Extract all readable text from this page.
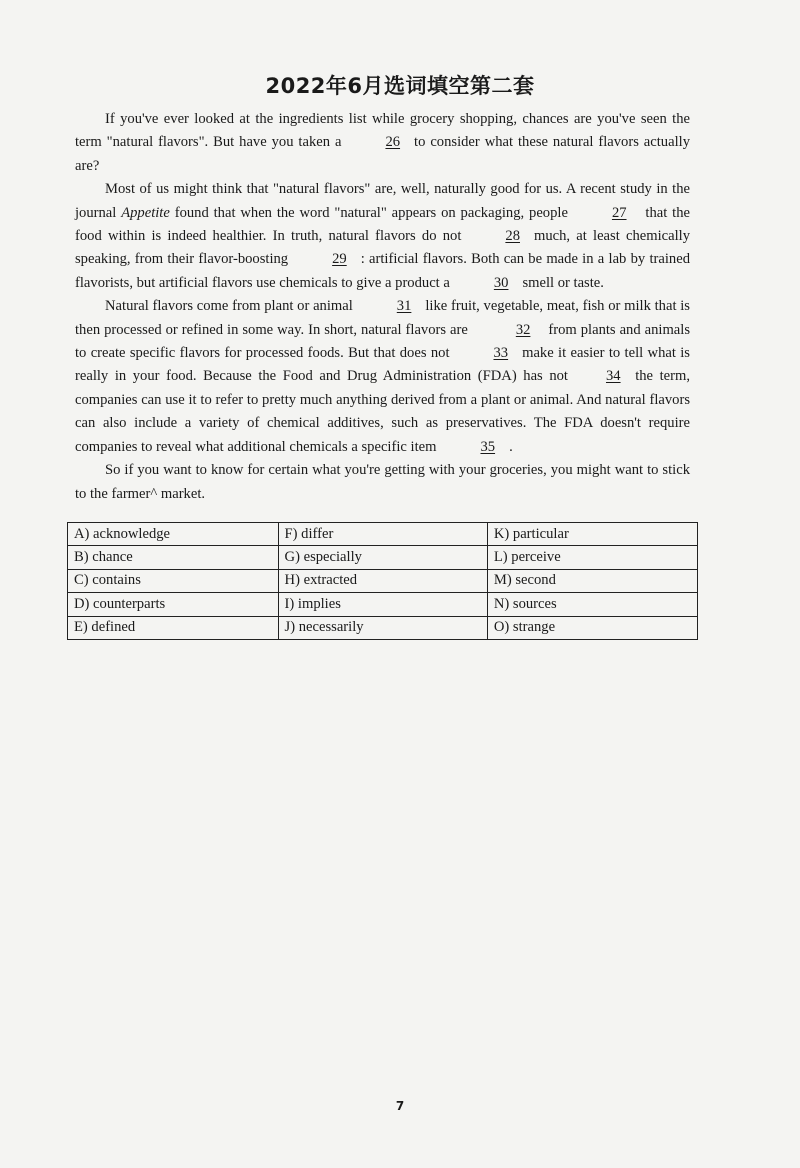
2022年6月选词填空第二套

If you've ever looked at the ingredients list while grocery shopping, chances are you've seen the term "natural flavors". But have you taken a	26 to consider what these natural flavors actually are?

Most of us might think that "natural flavors" are, well, naturally good for us. A recent study in the journal Appetite found that when the word "natural" appears on packaging, people	27 that the food within is indeed healthier. In truth, natural flavors do not	28 much, at least chemically speaking, from their flavor-boosting	29 : artificial flavors. Both can be made in a lab by trained flavorists, but artificial flavors use chemicals to give a product a	30 smell or taste.

Natural flavors come from plant or animal	31 like fruit, vegetable, meat, fish or milk that is then processed or refined in some way. In short, natural flavors are	32 from plants and animals to create specific flavors for processed foods. But that does not	33 make it easier to tell what is really in your food. Because the Food and Drug Administration (FDA) has not	34 the term, companies can use it to refer to pretty much anything derived from a plant or animal. And natural flavors can also include a variety of chemical additives, such as preservatives. The FDA doesn't require companies to reveal what additional chemicals a specific item	35 .

So if you want to know for certain what you're getting with your groceries, you might want to stick to the farmer^ market.

A) acknowledge	F) differ	K) particular
B) chance	G) especially	L) perceive
C) contains	H) extracted	M) second
D) counterparts	I) implies	N) sources
E) defined	J) necessarily	O) strange
7
